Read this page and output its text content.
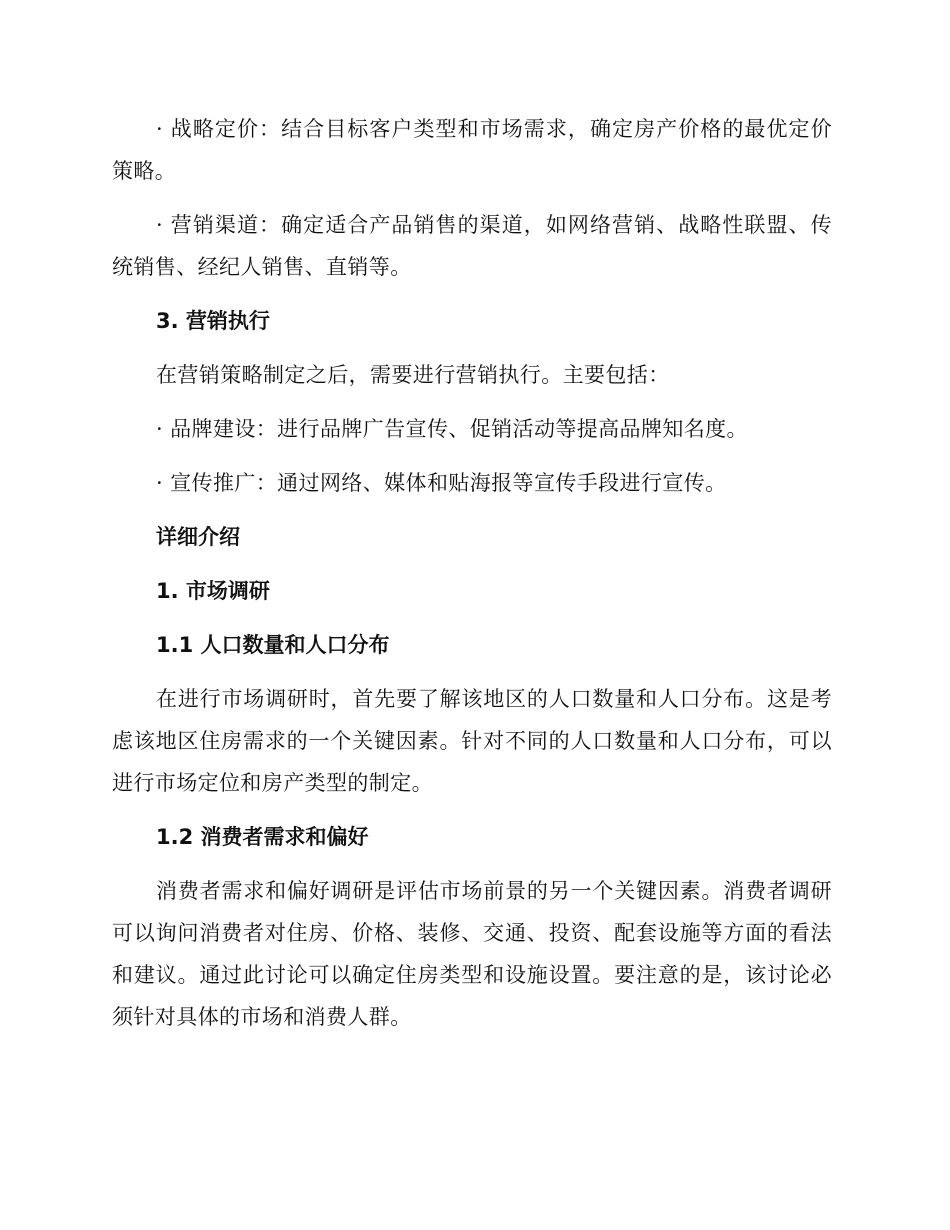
· 战略定价：结合目标客户类型和市场需求，确定房产价格的最优定价策略。

· 营销渠道：确定适合产品销售的渠道，如网络营销、战略性联盟、传统销售、经纪人销售、直销等。

3. 营销执行

在营销策略制定之后，需要进行营销执行。主要包括：

· 品牌建设：进行品牌广告宣传、促销活动等提高品牌知名度。

· 宣传推广：通过网络、媒体和贴海报等宣传手段进行宣传。

详细介绍

1. 市场调研

1.1 人口数量和人口分布

在进行市场调研时，首先要了解该地区的人口数量和人口分布。这是考虑该地区住房需求的一个关键因素。针对不同的人口数量和人口分布，可以进行市场定位和房产类型的制定。

1.2 消费者需求和偏好

消费者需求和偏好调研是评估市场前景的另一个关键因素。消费者调研可以询问消费者对住房、价格、装修、交通、投资、配套设施等方面的看法和建议。通过此讨论可以确定住房类型和设施设置。要注意的是，该讨论必须针对具体的市场和消费人群。
